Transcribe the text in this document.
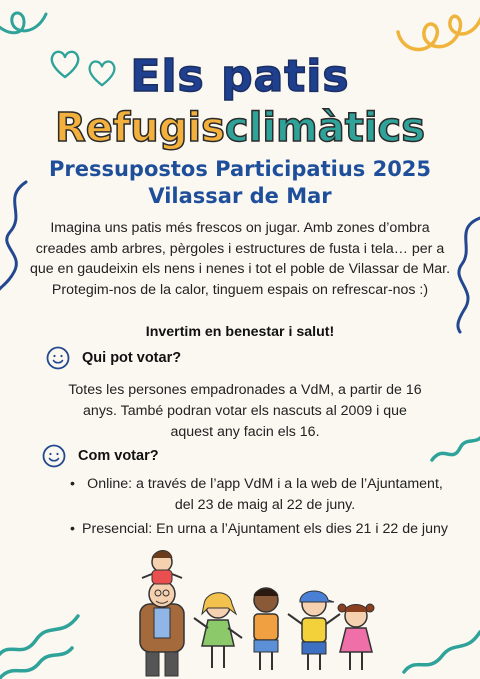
Els patis
Refugisclimàtics
Pressupostos Participatius 2025
Vilassar de Mar
Imagina uns patis més frescos on jugar. Amb zones d’ombra creades amb arbres, pèrgoles i estructures de fusta i tela… per a que en gaudeixin els nens i nenes i tot el poble de Vilassar de Mar. Protegim-nos de la calor, tinguem espais on refrescar-nos :)
Invertim en benestar i salut!
Qui pot votar?
Totes les persones empadronades a VdM, a partir de 16 anys. També podran votar els nascuts al 2009 i que aquest any facin els 16.
Com votar?
• Online: a través de l’app VdM i a la web de l’Ajuntament, del 23 de maig al 22 de juny.
• Presencial: En urna a l’Ajuntament els dies 21 i 22 de juny
